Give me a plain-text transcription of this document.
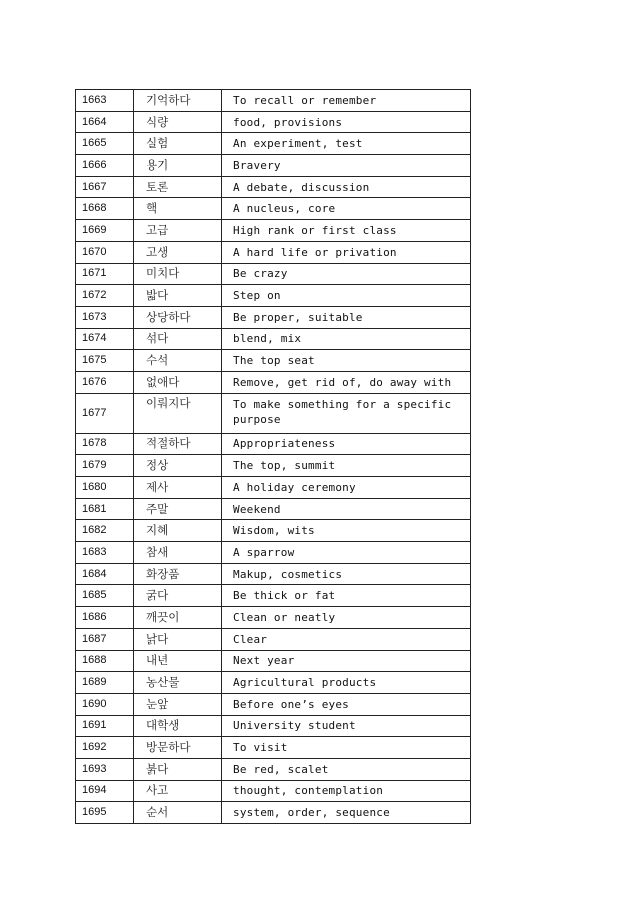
1663	기억하다	To recall or remember
1664	식량	food, provisions
1665	실험	An experiment, test
1666	용기	Bravery
1667	토론	A debate, discussion
1668	핵	A nucleus, core
1669	고급	High rank or first class
1670	고생	A hard life or privation
1671	미치다	Be crazy
1672	밟다	Step on
1673	상당하다	Be proper, suitable
1674	섞다	blend, mix
1675	수석	The top seat
1676	없애다	Remove, get rid of, do away with
1677	이뤄지다	To make something for a specific purpose
1678	적절하다	Appropriateness
1679	정상	The top, summit
1680	제사	A holiday ceremony
1681	주말	Weekend
1682	지혜	Wisdom, wits
1683	참새	A sparrow
1684	화장품	Makup, cosmetics
1685	굵다	Be thick or fat
1686	깨끗이	Clean or neatly
1687	낡다	Clear
1688	내년	Next year
1689	농산물	Agricultural products
1690	눈앞	Before one’s eyes
1691	대학생	University student
1692	방문하다	To visit
1693	붉다	Be red, scalet
1694	사고	thought, contemplation
1695	순서	system, order, sequence
